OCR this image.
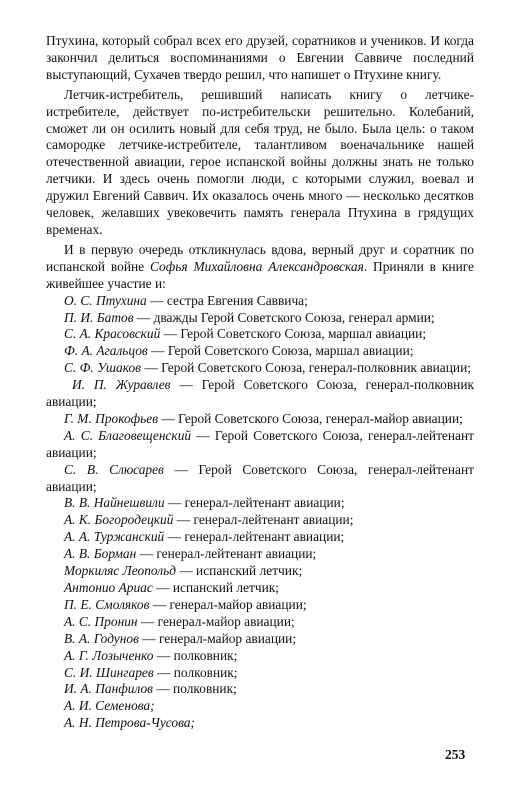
Птухина, который собрал всех его друзей, соратников и учеников. И когда закончил делиться воспоминаниями о Евгении Саввиче последний выступающий, Сухачев твердо решил, что напишет о Птухине книгу.

Летчик-истребитель, решивший написать книгу о летчике-истребителе, действует по-истребительски решительно. Колебаний, сможет ли он осилить новый для себя труд, не было. Была цель: о таком самородке летчике-истребителе, талантливом военачальнике нашей отечественной авиации, герое испанской войны должны знать не только летчики. И здесь очень помогли люди, с которыми служил, воевал и дружил Евгений Саввич. Их оказалось очень много — несколько десятков человек, желавших увековечить память генерала Птухина в грядущих временах.

И в первую очередь откликнулась вдова, верный друг и соратник по испанской войне Софья Михайловна Александровская. Приняли в книге живейшее участие и:

О. С. Птухина — сестра Евгения Саввича;

П. И. Батов — дважды Герой Советского Союза, генерал армии;

С. А. Красовский — Герой Советского Союза, маршал авиации;

Ф. А. Агальцов — Герой Советского Союза, маршал авиации;

С. Ф. Ушаков — Герой Советского Союза, генерал-полковник авиации;

И. П. Журавлев — Герой Советского Союза, генерал-полковник авиации;

Г. М. Прокофьев — Герой Советского Союза, генерал-майор авиации;

А. С. Благовещенский — Герой Советского Союза, генерал-лейтенант авиации;

С. В. Слюсарев — Герой Советского Союза, генерал-лейтенант авиации;

В. В. Найнешвили — генерал-лейтенант авиации;

А. К. Богородецкий — генерал-лейтенант авиации;

А. А. Туржанский — генерал-лейтенант авиации;

А. В. Борман — генерал-лейтенант авиации;

Моркиляс Леопольд — испанский летчик;

Антонио Ариас — испанский летчик;

П. Е. Смоляков — генерал-майор авиации;

А. С. Пронин — генерал-майор авиации;

В. А. Годунов — генерал-майор авиации;

А. Г. Лозыченко — полковник;

С. И. Шингарев — полковник;

И. А. Панфилов — полковник;

А. И. Семенова;

А. Н. Петрова-Чусова;

253
